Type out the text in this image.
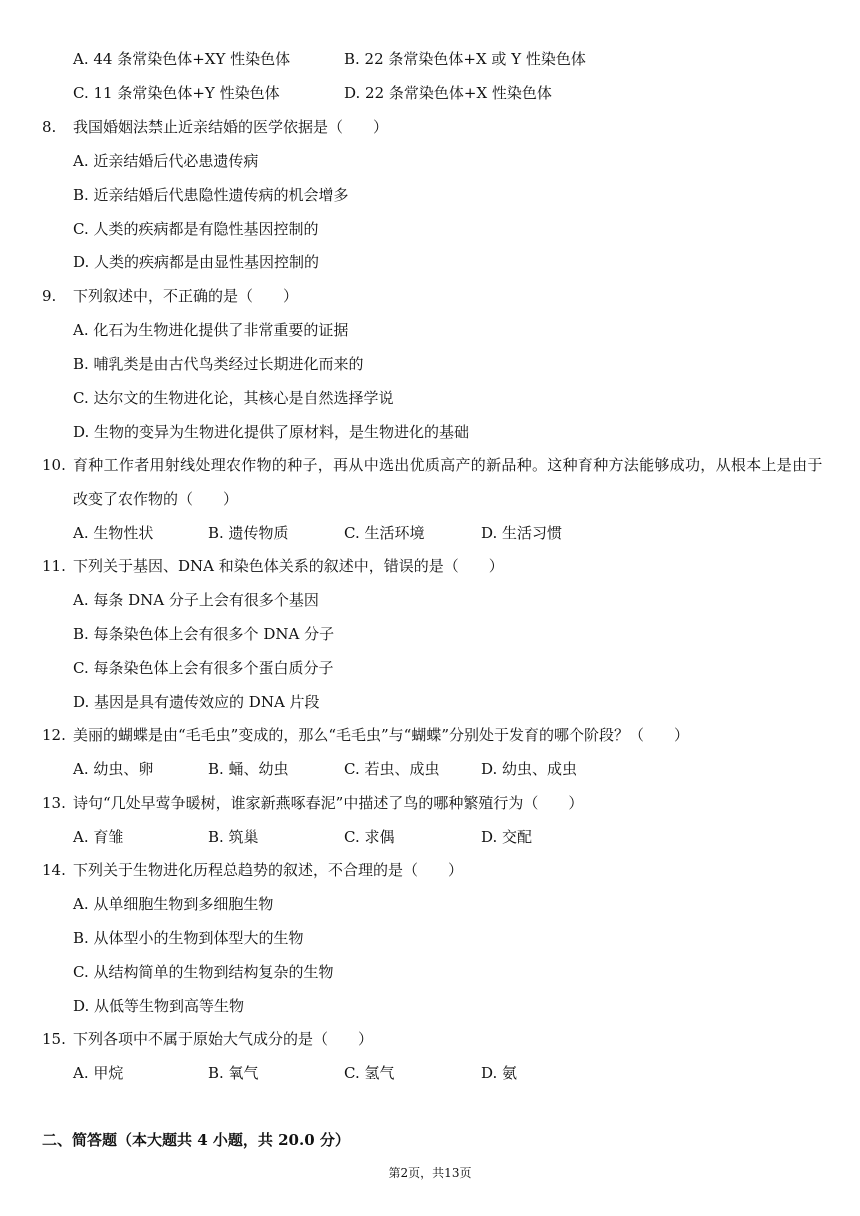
A. 44 条常染色体+XY 性染色体	B. 22 条常染色体+X 或 Y 性染色体
C. 11 条常染色体+Y 性染色体	D. 22 条常染色体+X 性染色体
8. 我国婚姻法禁止近亲结婚的医学依据是（　　）
A. 近亲结婚后代必患遗传病
B. 近亲结婚后代患隐性遗传病的机会增多
C. 人类的疾病都是有隐性基因控制的
D. 人类的疾病都是由显性基因控制的
9. 下列叙述中，不正确的是（　　）
A. 化石为生物进化提供了非常重要的证据
B. 哺乳类是由古代鸟类经过长期进化而来的
C. 达尔文的生物进化论，其核心是自然选择学说
D. 生物的变异为生物进化提供了原材料，是生物进化的基础
10. 育种工作者用射线处理农作物的种子，再从中选出优质高产的新品种。这种育种方法能够成功，从根本上是由于
改变了农作物的（　　）
A. 生物性状	B. 遗传物质	C. 生活环境	D. 生活习惯
11. 下列关于基因、DNA 和染色体关系的叙述中，错误的是（　　）
A. 每条 DNA 分子上会有很多个基因
B. 每条染色体上会有很多个 DNA 分子
C. 每条染色体上会有很多个蛋白质分子
D. 基因是具有遗传效应的 DNA 片段
12. 美丽的蝴蝶是由“毛毛虫”变成的，那么“毛毛虫”与“蝴蝶”分别处于发育的哪个阶段？（　　）
A. 幼虫、卵	B. 蛹、幼虫	C. 若虫、成虫	D. 幼虫、成虫
13. 诗句“几处早莺争暖树，谁家新燕啄春泥”中描述了鸟的哪种繁殖行为（　　）
A. 育雏	B. 筑巢	C. 求偶	D. 交配
14. 下列关于生物进化历程总趋势的叙述，不合理的是（　　）
A. 从单细胞生物到多细胞生物
B. 从体型小的生物到体型大的生物
C. 从结构简单的生物到结构复杂的生物
D. 从低等生物到高等生物
15. 下列各项中不属于原始大气成分的是（　　）
A. 甲烷	B. 氧气	C. 氢气	D. 氨
二、简答题（本大题共 4 小题，共 20.0 分）
第2页，共13页
